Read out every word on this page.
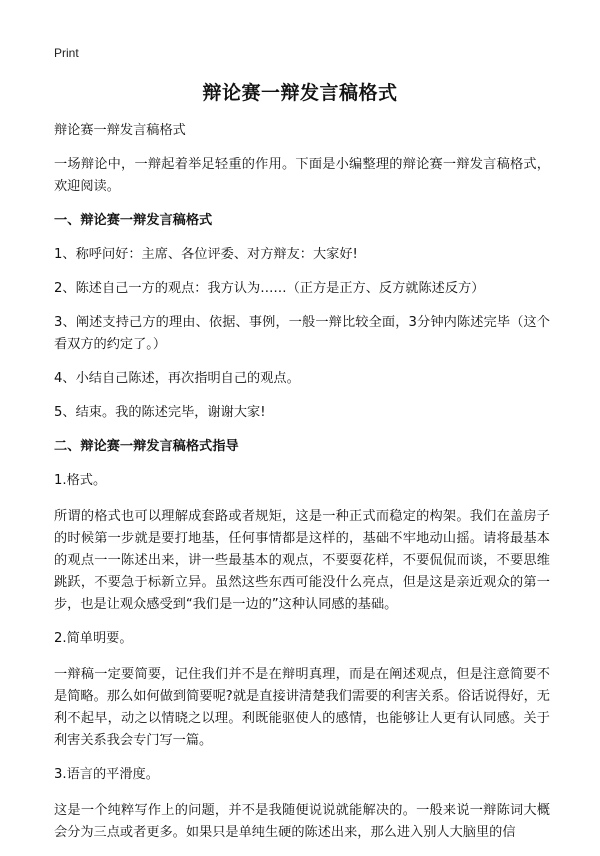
Print
辩论赛一辩发言稿格式

辩论赛一辩发言稿格式

一场辩论中，一辩起着举足轻重的作用。下面是小编整理的辩论赛一辩发言稿格式，欢迎阅读。

一、辩论赛一辩发言稿格式

1、称呼问好：主席、各位评委、对方辩友：大家好!

2、陈述自己一方的观点：我方认为……（正方是正方、反方就陈述反方）

3、阐述支持己方的理由、依据、事例，一般一辩比较全面，3分钟内陈述完毕（这个看双方的约定了。）

4、小结自己陈述，再次指明自己的观点。

5、结束。我的陈述完毕，谢谢大家!

二、辩论赛一辩发言稿格式指导

1.格式。

所谓的格式也可以理解成套路或者规矩，这是一种正式而稳定的构架。我们在盖房子的时候第一步就是要打地基，任何事情都是这样的，基础不牢地动山摇。请将最基本的观点一一陈述出来，讲一些最基本的观点，不要耍花样，不要侃侃而谈，不要思维跳跃，不要急于标新立异。虽然这些东西可能没什么亮点，但是这是亲近观众的第一步，也是让观众感受到“我们是一边的”这种认同感的基础。

2.简单明要。

一辩稿一定要简要，记住我们并不是在辩明真理，而是在阐述观点，但是注意简要不是简略。那么如何做到简要呢?就是直接讲清楚我们需要的利害关系。俗话说得好，无利不起早，动之以情晓之以理。利既能驱使人的感情，也能够让人更有认同感。关于利害关系我会专门写一篇。

3.语言的平滑度。

这是一个纯粹写作上的问题，并不是我随便说说就能解决的。一般来说一辩陈词大概会分为三点或者更多。如果只是单纯生硬的陈述出来，那么进入别人大脑里的信
